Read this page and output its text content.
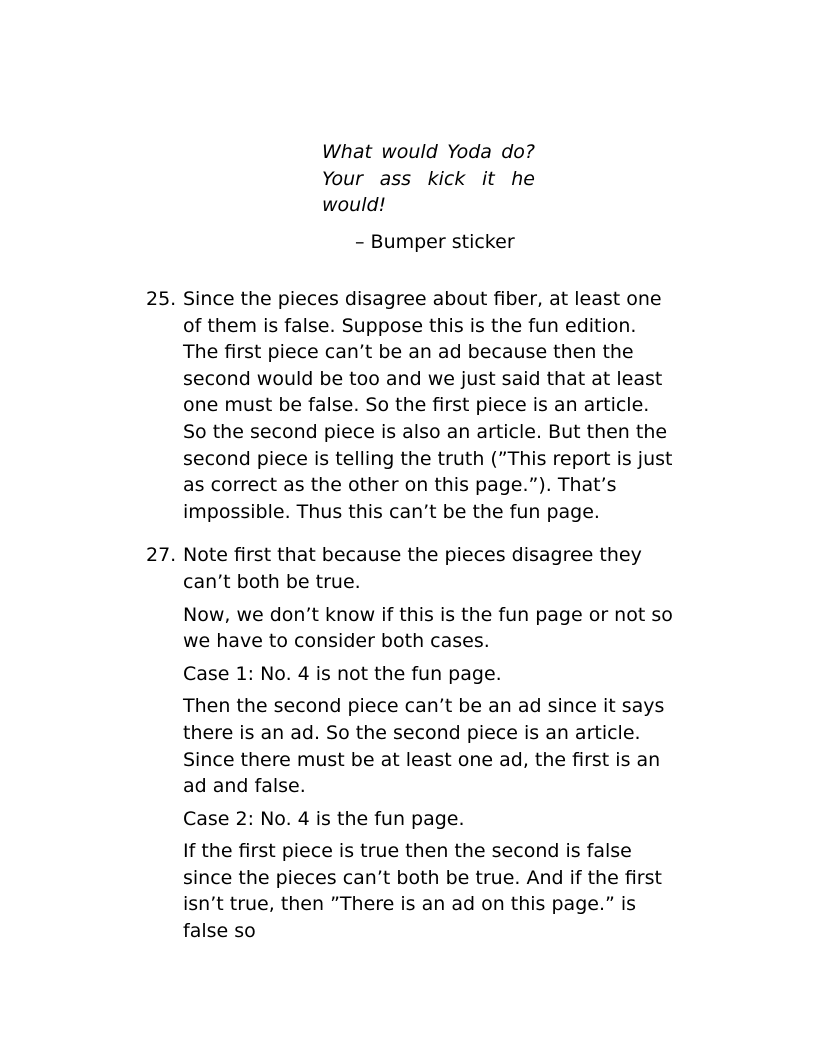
What would Yoda do? Your ass kick it he would!

– Bumper sticker

25. Since the pieces disagree about fiber, at least one of them is false. Suppose this is the fun edition. The first piece can’t be an ad because then the second would be too and we just said that at least one must be false. So the first piece is an article. So the second piece is also an article. But then the second piece is telling the truth (”This report is just as correct as the other on this page.”). That’s impossible. Thus this can’t be the fun page.

27. Note first that because the pieces disagree they can’t both be true.

Now, we don’t know if this is the fun page or not so we have to consider both cases.

Case 1: No. 4 is not the fun page.

Then the second piece can’t be an ad since it says there is an ad. So the second piece is an article. Since there must be at least one ad, the first is an ad and false.

Case 2: No. 4 is the fun page.

If the first piece is true then the second is false since the pieces can’t both be true. And if the first isn’t true, then ”There is an ad on this page.” is false so
